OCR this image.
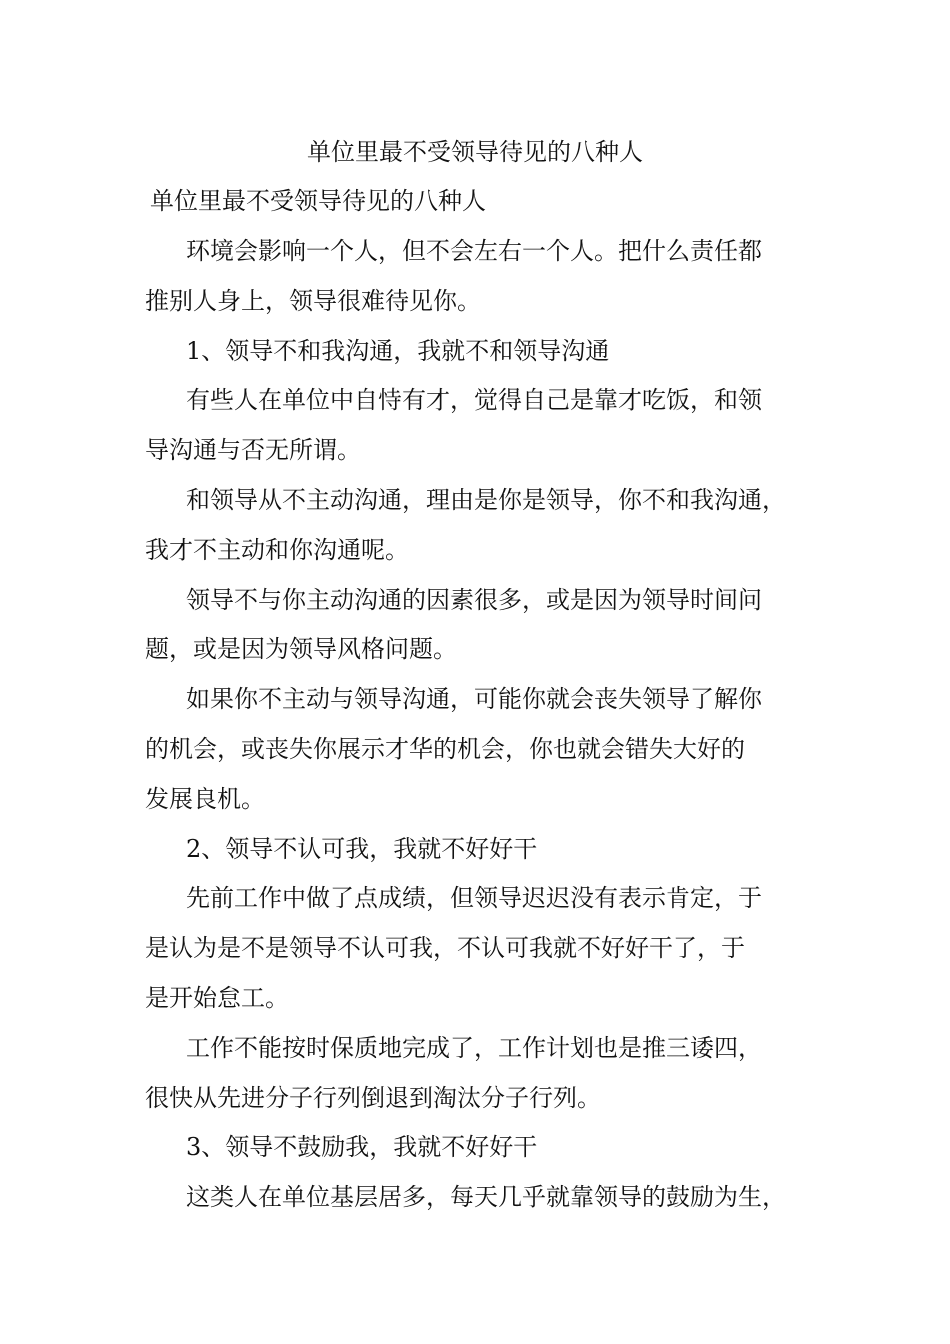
单位里最不受领导待见的八种人
单位里最不受领导待见的八种人
环境会影响一个人，但不会左右一个人。把什么责任都
推别人身上，领导很难待见你。
1、领导不和我沟通，我就不和领导沟通
有些人在单位中自恃有才，觉得自己是靠才吃饭，和领
导沟通与否无所谓。
和领导从不主动沟通，理由是你是领导，你不和我沟通，
我才不主动和你沟通呢。
领导不与你主动沟通的因素很多，或是因为领导时间问
题，或是因为领导风格问题。
如果你不主动与领导沟通，可能你就会丧失领导了解你
的机会，或丧失你展示才华的机会，你也就会错失大好的
发展良机。
2、领导不认可我，我就不好好干
先前工作中做了点成绩，但领导迟迟没有表示肯定，于
是认为是不是领导不认可我，不认可我就不好好干了，于
是开始怠工。
工作不能按时保质地完成了，工作计划也是推三诿四，
很快从先进分子行列倒退到淘汰分子行列。
3、领导不鼓励我，我就不好好干
这类人在单位基层居多，每天几乎就靠领导的鼓励为生，
